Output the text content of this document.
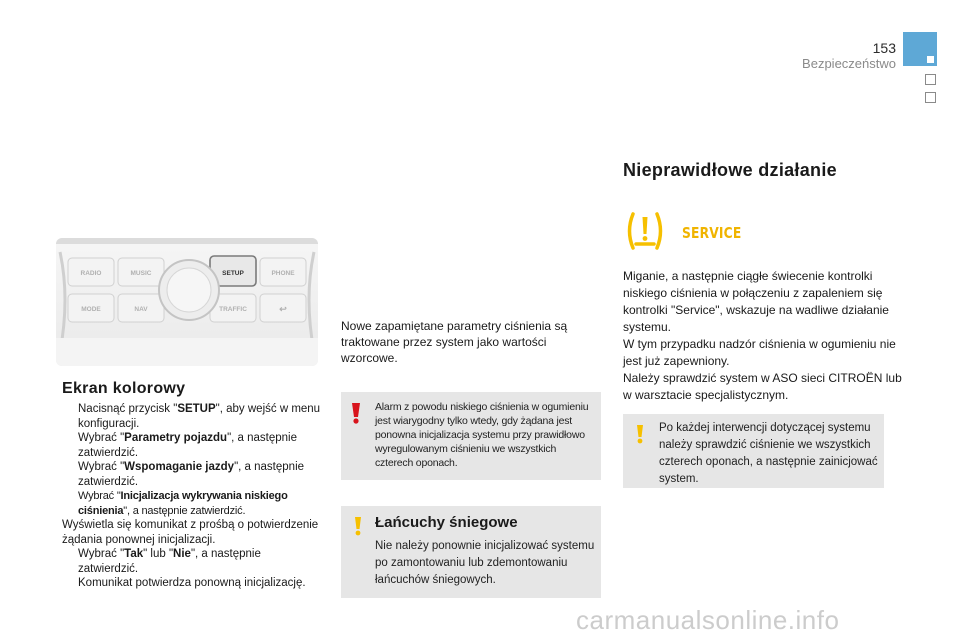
153
Bezpieczeństwo
RADIO	MUSIC	SETUP	PHONE
MODE	NAV	TRAFFIC	↩
Ekran kolorowy
Nacisnąć przycisk "SETUP", aby wejść w menu konfiguracji.
Wybrać "Parametry pojazdu", a następnie zatwierdzić.
Wybrać "Wspomaganie jazdy", a następnie zatwierdzić.
Wybrać "Inicjalizacja wykrywania niskiego ciśnienia", a następnie zatwierdzić.
Wyświetla się komunikat z prośbą o potwierdzenie żądania ponownej inicjalizacji.
Wybrać "Tak" lub "Nie", a następnie zatwierdzić.
Komunikat potwierdza ponowną inicjalizację.
Nowe zapamiętane parametry ciśnienia są traktowane przez system jako wartości wzorcowe.
Alarm z powodu niskiego ciśnienia w ogumieniu jest wiarygodny tylko wtedy, gdy żądana jest ponowna inicjalizacja systemu przy prawidłowo wyregulowanym ciśnieniu we wszystkich czterech oponach.
Łańcuchy śniegowe
Nie należy ponownie inicjalizować systemu po zamontowaniu lub zdemontowaniu łańcuchów śniegowych.
Nieprawidłowe działanie
SERVICE
Miganie, a następnie ciągłe świecenie kontrolki niskiego ciśnienia w połączeniu z zapaleniem się kontrolki "Service", wskazuje na wadliwe działanie systemu.
W tym przypadku nadzór ciśnienia w ogumieniu nie jest już zapewniony.
Należy sprawdzić system w ASO sieci CITROËN lub w warsztacie specjalistycznym.
Po każdej interwencji dotyczącej systemu należy sprawdzić ciśnienie we wszystkich czterech oponach, a następnie zainicjować system.
carmanualsonline.info
